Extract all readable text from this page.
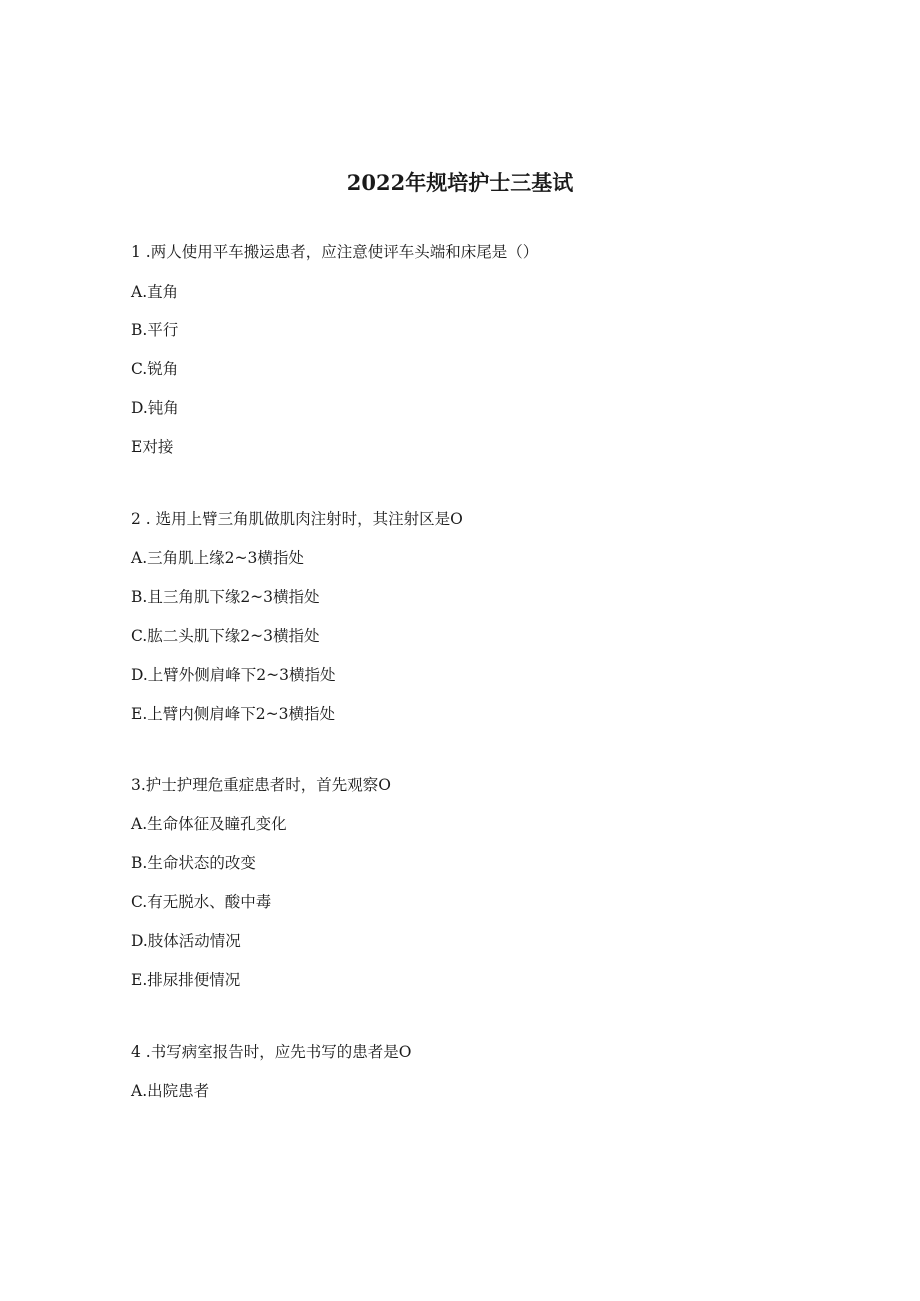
2022年规培护士三基试
1 .两人使用平车搬运患者，应注意使评车头端和床尾是（）
A.直角
B.平行
C.锐角
D.钝角
E对接
2 . 选用上臂三角肌做肌肉注射时，其注射区是O
A.三角肌上缘2~3横指处
B.且三角肌下缘2~3横指处
C.肱二头肌下缘2~3横指处
D.上臂外侧肩峰下2~3横指处
E.上臂内侧肩峰下2~3横指处
3.护士护理危重症患者时，首先观察O
A.生命体征及瞳孔变化
B.生命状态的改变
C.有无脱水、酸中毒
D.肢体活动情况
E.排尿排便情况
4 .书写病室报告时，应先书写的患者是O
A.出院患者
